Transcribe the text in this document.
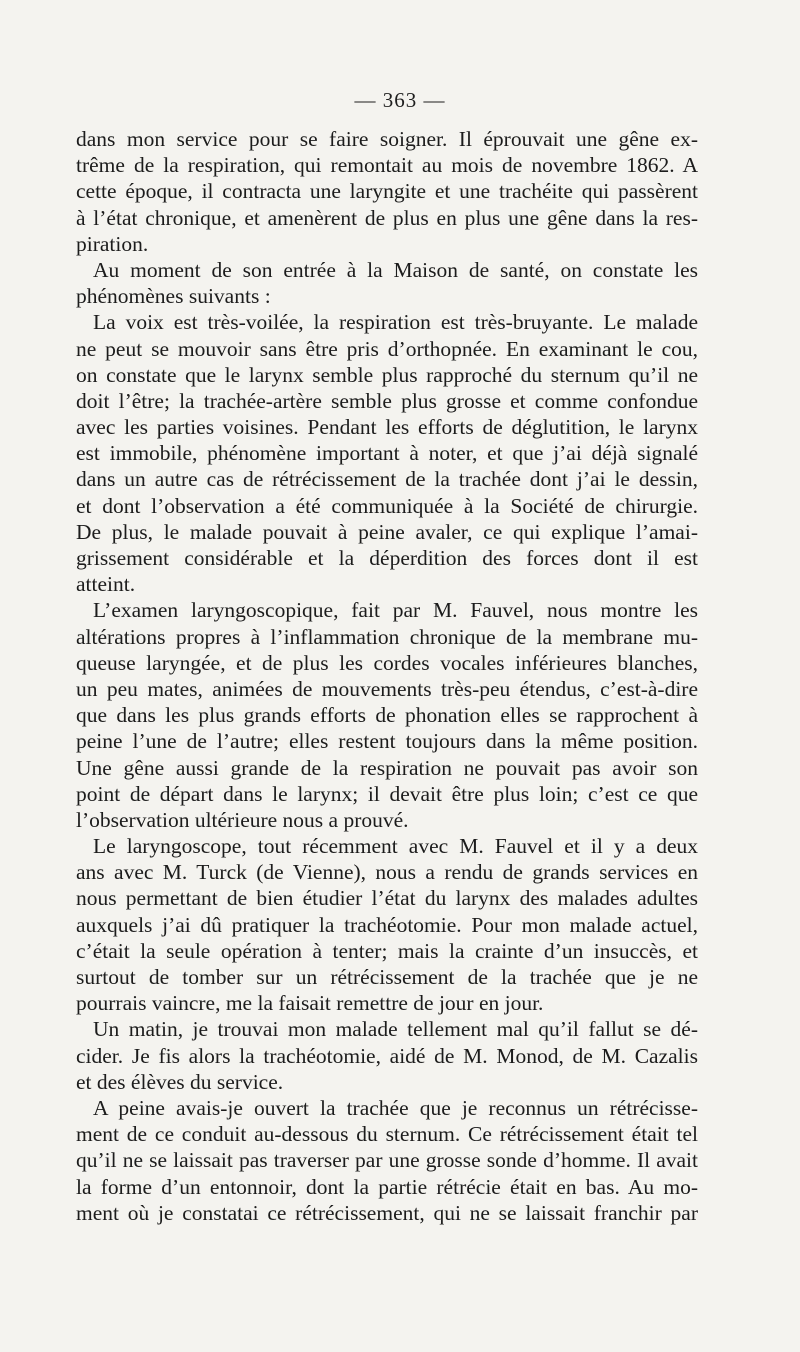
— 363 —
dans mon service pour se faire soigner. Il éprouvait une gêne ex-
trême de la respiration, qui remontait au mois de novembre 1862. A
cette époque, il contracta une laryngite et une trachéite qui passèrent
à l’état chronique, et amenèrent de plus en plus une gêne dans la res-
piration.
Au moment de son entrée à la Maison de santé, on constate les
phénomènes suivants :
La voix est très-voilée, la respiration est très-bruyante. Le malade
ne peut se mouvoir sans être pris d’orthopnée. En examinant le cou,
on constate que le larynx semble plus rapproché du sternum qu’il ne
doit l’être; la trachée-artère semble plus grosse et comme confondue
avec les parties voisines. Pendant les efforts de déglutition, le larynx
est immobile, phénomène important à noter, et que j’ai déjà signalé
dans un autre cas de rétrécissement de la trachée dont j’ai le dessin,
et dont l’observation a été communiquée à la Société de chirurgie.
De plus, le malade pouvait à peine avaler, ce qui explique l’amai-
grissement considérable et la déperdition des forces dont il est
atteint.
L’examen laryngoscopique, fait par M. Fauvel, nous montre les
altérations propres à l’inflammation chronique de la membrane mu-
queuse laryngée, et de plus les cordes vocales inférieures blanches,
un peu mates, animées de mouvements très-peu étendus, c’est-à-dire
que dans les plus grands efforts de phonation elles se rapprochent à
peine l’une de l’autre; elles restent toujours dans la même position.
Une gêne aussi grande de la respiration ne pouvait pas avoir son
point de départ dans le larynx; il devait être plus loin; c’est ce que
l’observation ultérieure nous a prouvé.
Le laryngoscope, tout récemment avec M. Fauvel et il y a deux
ans avec M. Turck (de Vienne), nous a rendu de grands services en
nous permettant de bien étudier l’état du larynx des malades adultes
auxquels j’ai dû pratiquer la trachéotomie. Pour mon malade actuel,
c’était la seule opération à tenter; mais la crainte d’un insuccès, et
surtout de tomber sur un rétrécissement de la trachée que je ne
pourrais vaincre, me la faisait remettre de jour en jour.
Un matin, je trouvai mon malade tellement mal qu’il fallut se dé-
cider. Je fis alors la trachéotomie, aidé de M. Monod, de M. Cazalis
et des élèves du service.
A peine avais-je ouvert la trachée que je reconnus un rétrécisse-
ment de ce conduit au-dessous du sternum. Ce rétrécissement était tel
qu’il ne se laissait pas traverser par une grosse sonde d’homme. Il avait
la forme d’un entonnoir, dont la partie rétrécie était en bas. Au mo-
ment où je constatai ce rétrécissement, qui ne se laissait franchir par
